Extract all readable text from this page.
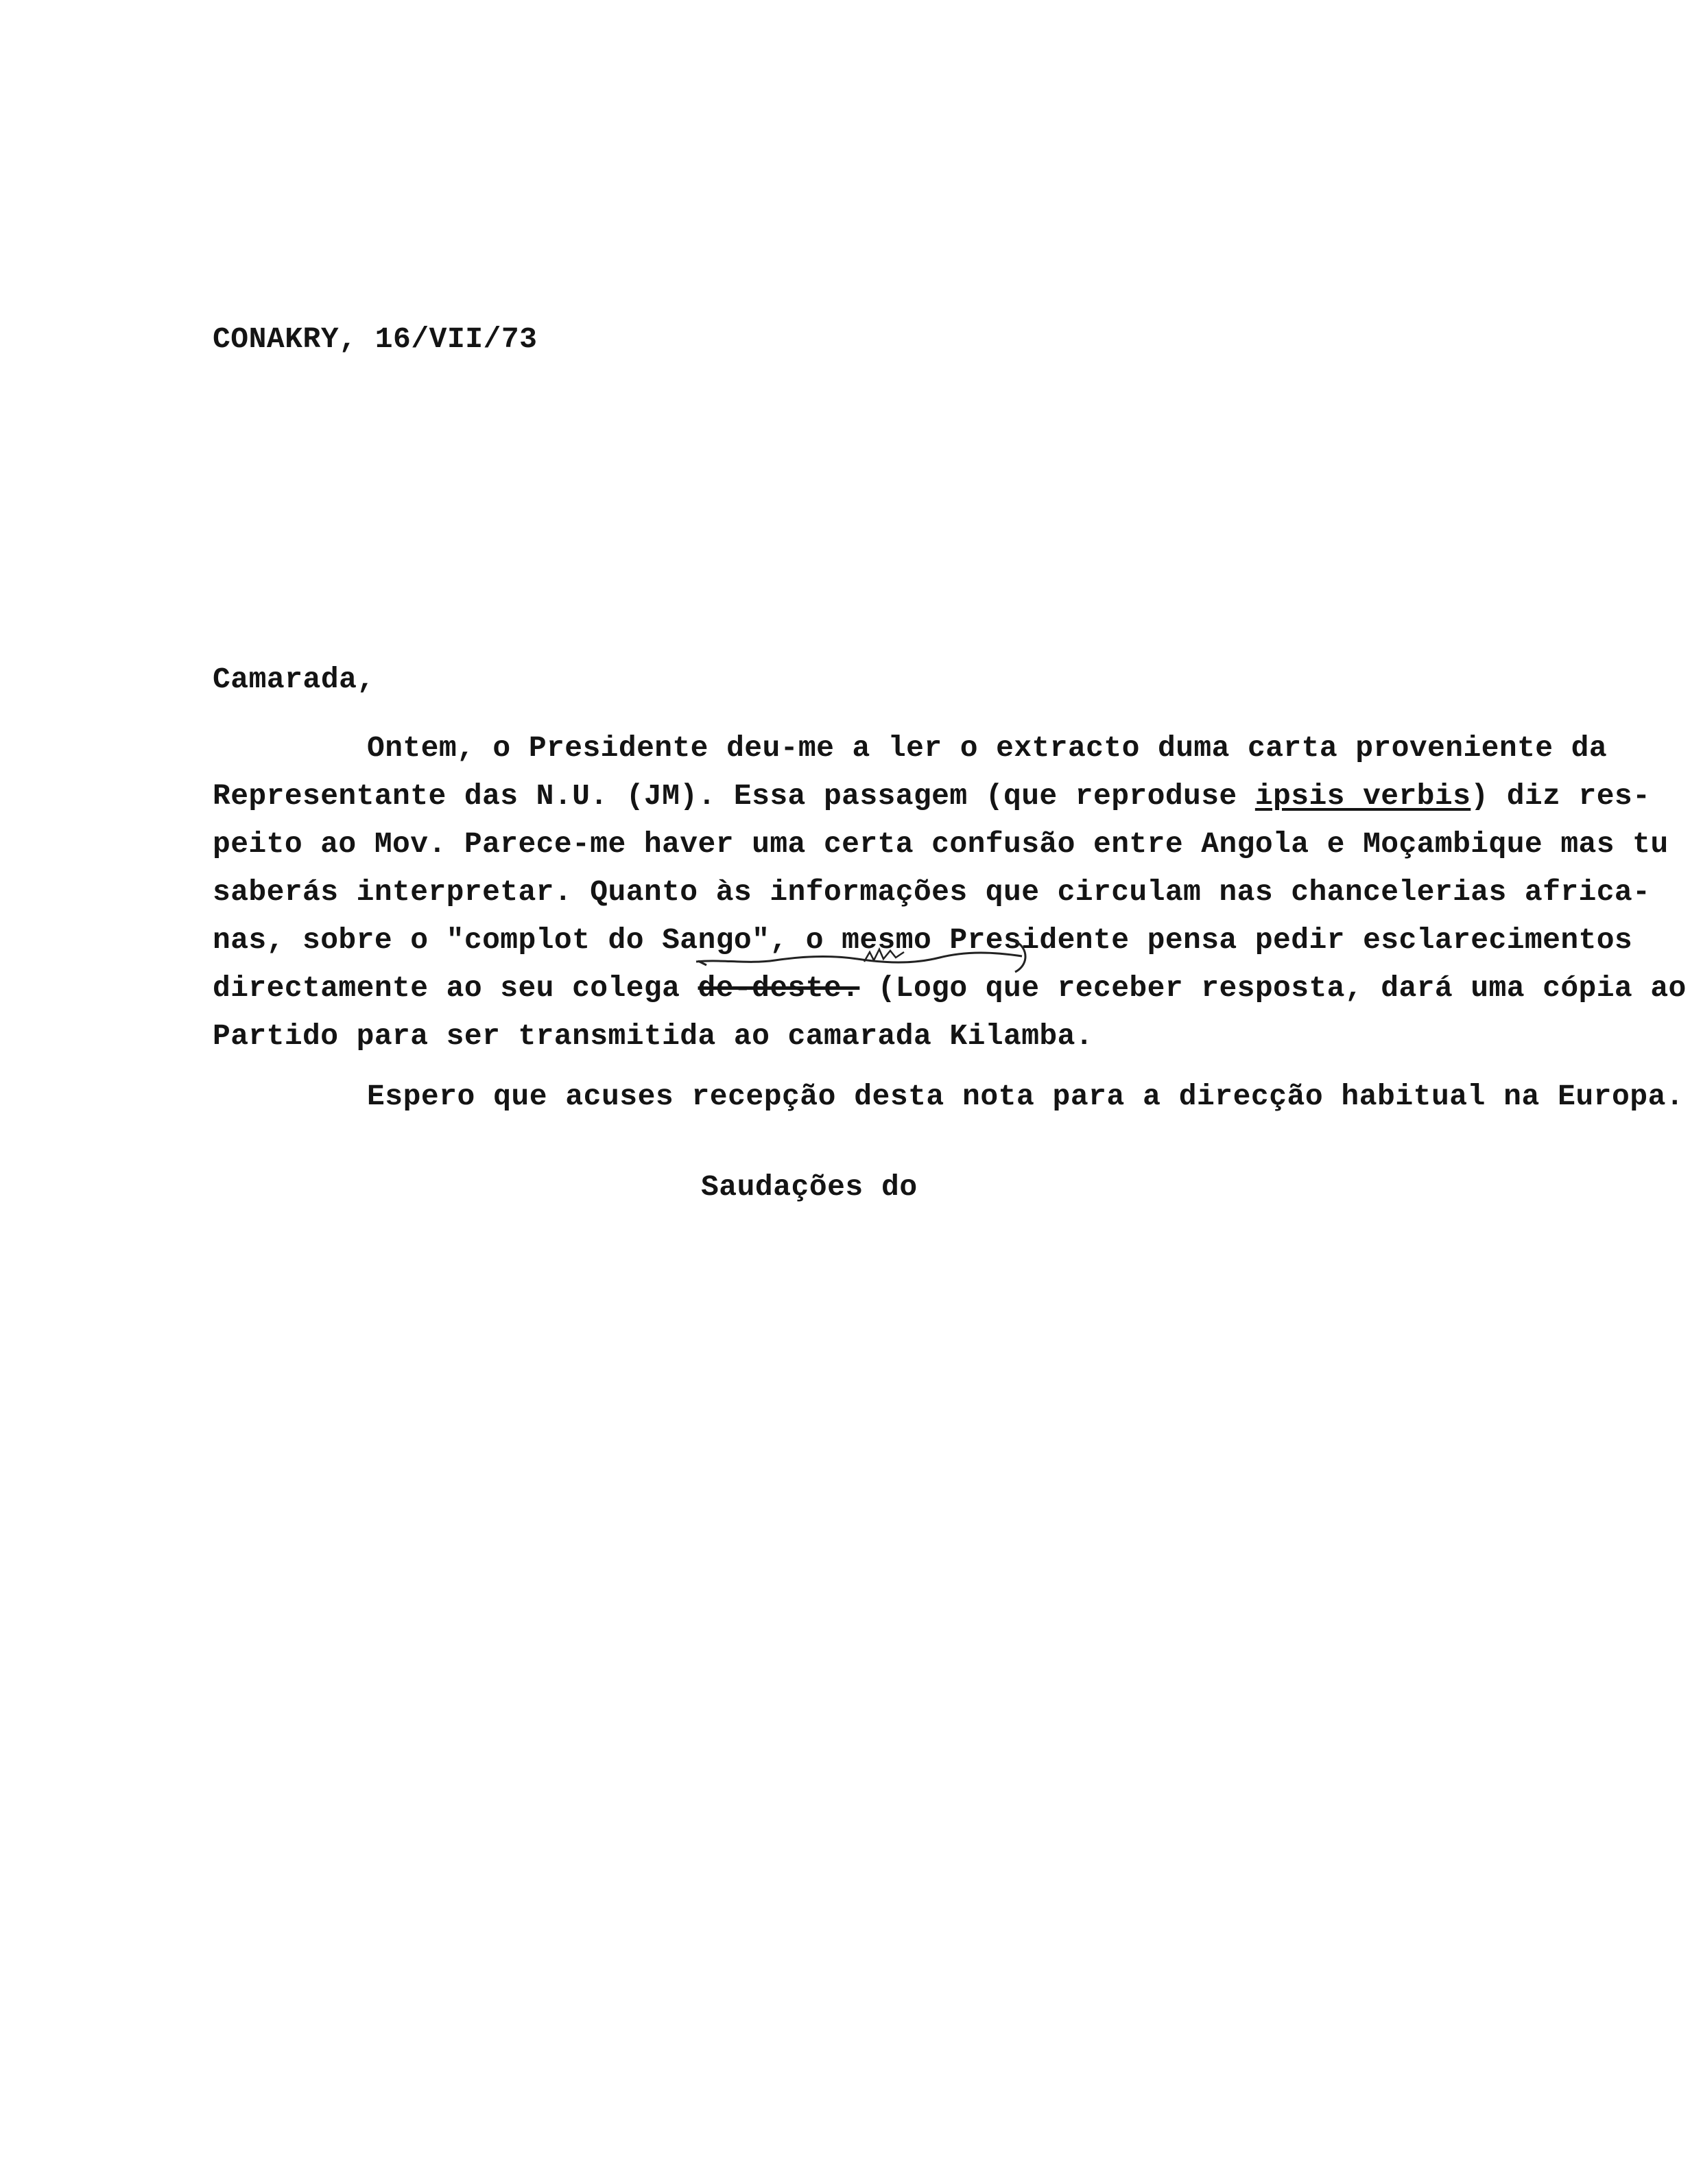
CONAKRY, 16/VII/73
Camarada,
Ontem, o Presidente deu-me a ler o extracto duma carta proveniente da
Representante das N.U. (JM). Essa passagem (que reproduse ipsis verbis) diz res-
peito ao Mov. Parece-me haver uma certa confusão entre Angola e Moçambique mas tu
saberás interpretar. Quanto às informações que circulam nas chancelerias africa-
nas, sobre o "complot do Sango", o mesmo Presidente pensa pedir esclarecimentos
directamente ao seu colega de-deste. (Logo que receber resposta, dará uma cópia ao
Partido para ser transmitida ao camarada Kilamba.
Espero que acuses recepção desta nota para a direcção habitual na Europa.
Saudações do
